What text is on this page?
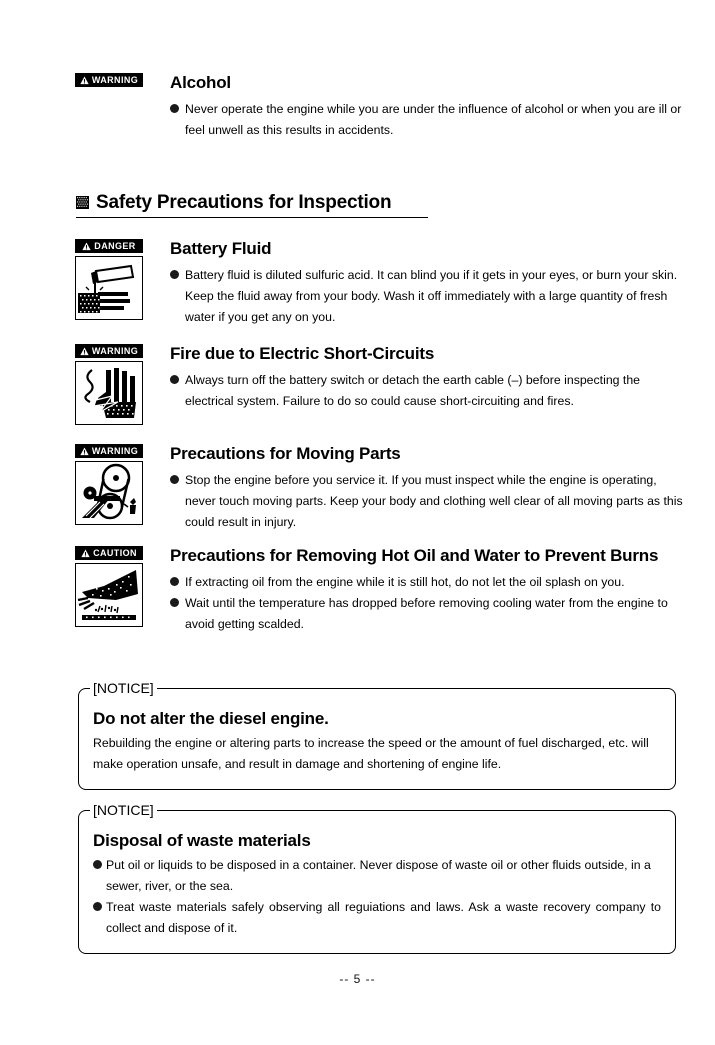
WARNING Alcohol
Never operate the engine while you are under the influence of alcohol or when you are ill or feel unwell as this results in accidents.
Safety Precautions for Inspection
DANGER Battery Fluid
Battery fluid is diluted sulfuric acid. It can blind you if it gets in your eyes, or burn your skin. Keep the fluid away from your body. Wash it off immediately with a large quantity of fresh water if you get any on you.
WARNING Fire due to Electric Short-Circuits
Always turn off the battery switch or detach the earth cable (–) before inspecting the electrical system. Failure to do so could cause short-circuiting and fires.
WARNING Precautions for Moving Parts
Stop the engine before you service it. If you must inspect while the engine is operating, never touch moving parts. Keep your body and clothing well clear of all moving parts as this could result in injury.
CAUTION Precautions for Removing Hot Oil and Water to Prevent Burns
If extracting oil from the engine while it is still hot, do not let the oil splash on you.
Wait until the temperature has dropped before removing cooling water from the engine to avoid getting scalded.
[NOTICE]
Do not alter the diesel engine.

Rebuilding the engine or altering parts to increase the speed or the amount of fuel discharged, etc. will make operation unsafe, and result in damage and shortening of engine life.

[NOTICE]
Disposal of waste materials
Put oil or liquids to be disposed in a container. Never dispose of waste oil or other fluids outside, in a sewer, river, or the sea.
Treat waste materials safely observing all reguiations and laws. Ask a waste recovery company to collect and dispose of it.
-- 5 --
